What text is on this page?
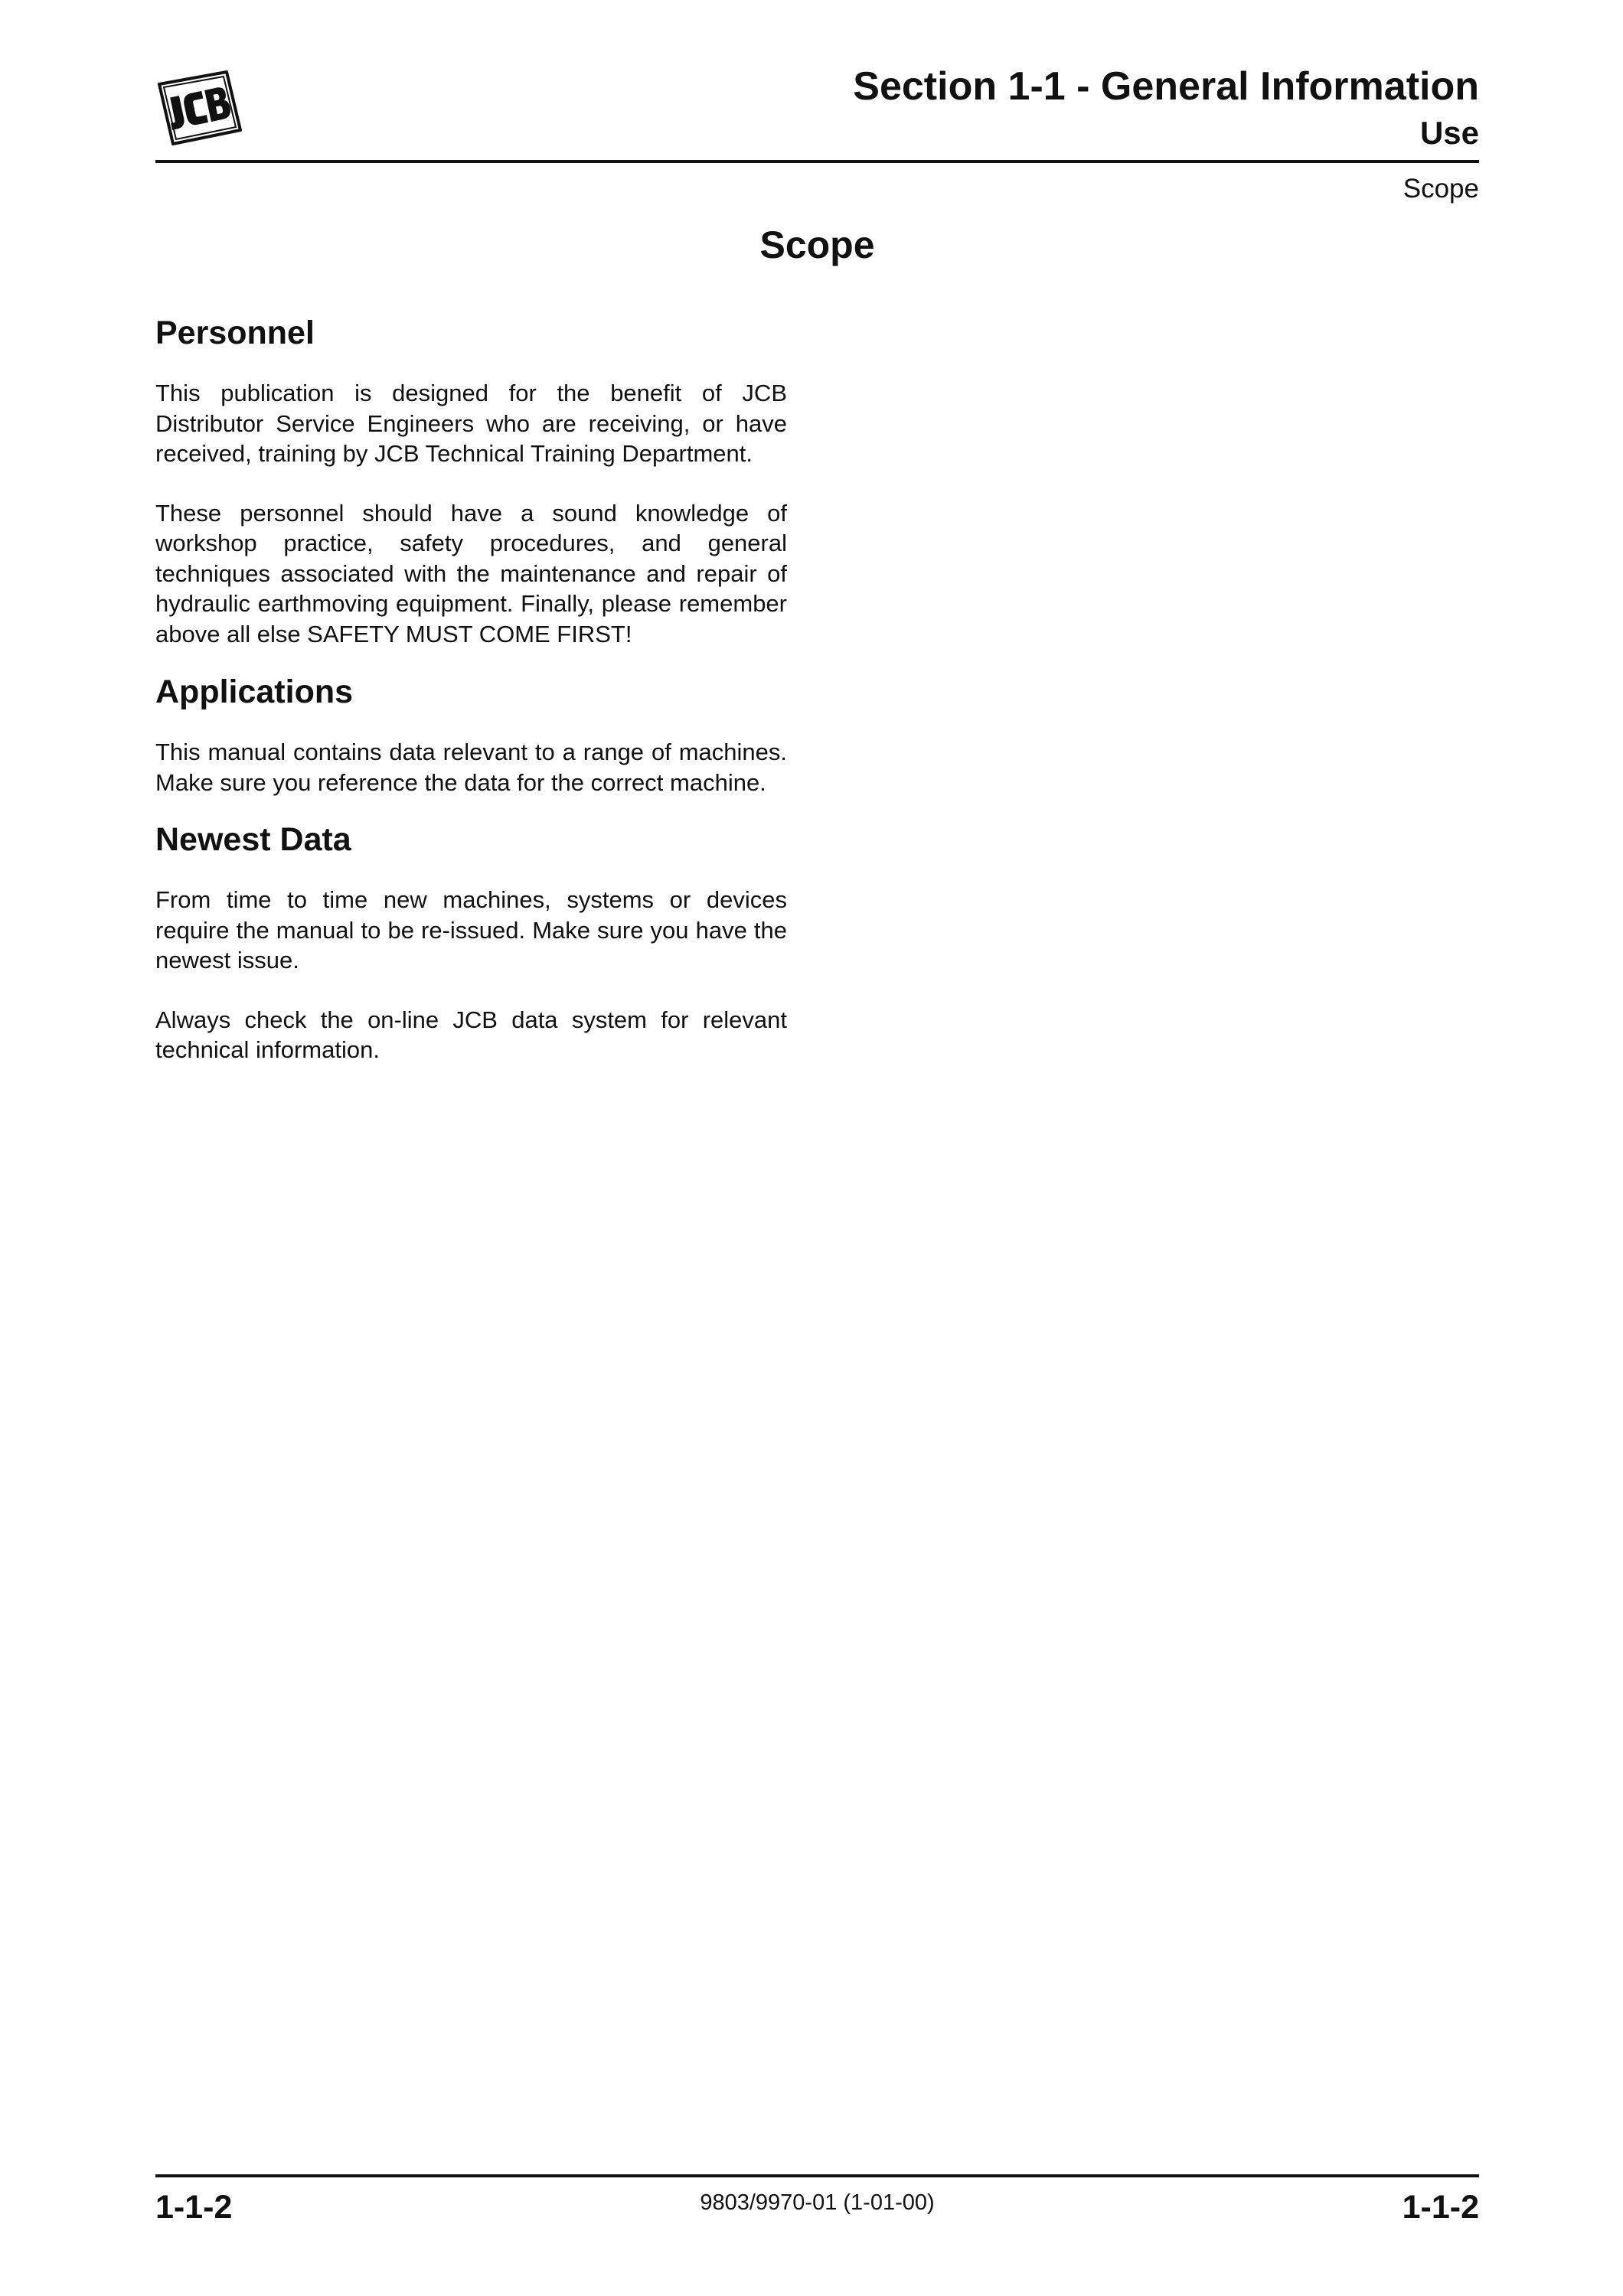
Section 1-1 - General Information
Use
Scope
Scope
Personnel

This publication is designed for the benefit of JCB Distributor Service Engineers who are receiving, or have received, training by JCB Technical Training Department.

These personnel should have a sound knowledge of workshop practice, safety procedures, and general techniques associated with the maintenance and repair of hydraulic earthmoving equipment. Finally, please remember above all else SAFETY MUST COME FIRST!

Applications

This manual contains data relevant to a range of machines. Make sure you reference the data for the correct machine.

Newest Data

From time to time new machines, systems or devices require the manual to be re-issued. Make sure you have the newest issue.

Always check the on-line JCB data system for relevant technical information.

1-1-2	9803/9970-01 (1-01-00)	1-1-2
